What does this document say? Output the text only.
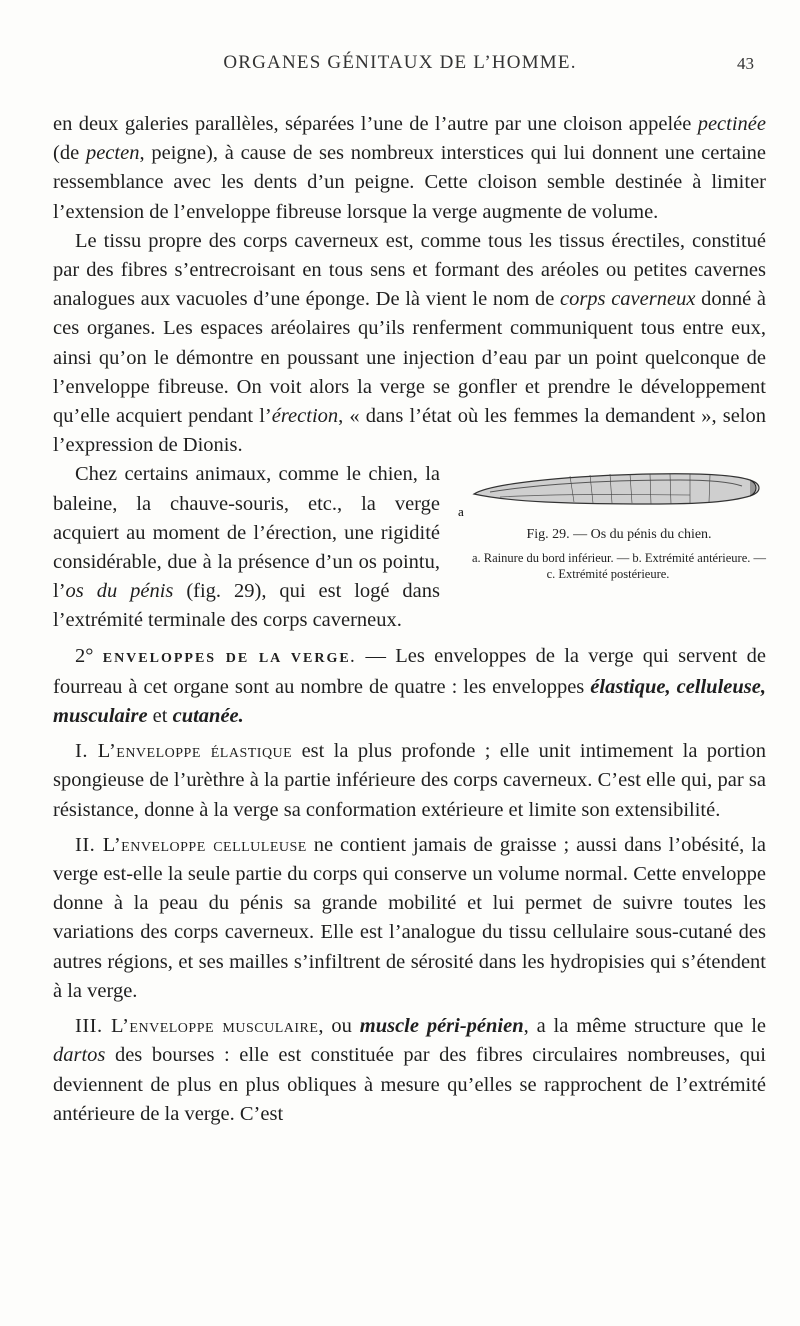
ORGANES GÉNITAUX DE L’HOMME.	43

en deux galeries parallèles, séparées l’une de l’autre par une cloison appelée pectinée (de pecten, peigne), à cause de ses nombreux interstices qui lui donnent une certaine ressemblance avec les dents d’un peigne. Cette cloison semble destinée à limiter l’extension de l’enveloppe fibreuse lorsque la verge augmente de volume.

Le tissu propre des corps caverneux est, comme tous les tissus érectiles, constitué par des fibres s’entrecroisant en tous sens et formant des aréoles ou petites cavernes analogues aux vacuoles d’une éponge. De là vient le nom de corps caverneux donné à ces organes. Les espaces aréolaires qu’ils renferment communiquent tous entre eux, ainsi qu’on le démontre en poussant une injection d’eau par un point quelconque de l’enveloppe fibreuse. On voit alors la verge se gonfler et prendre le développement qu’elle acquiert pendant l’érection, « dans l’état où les femmes la demandent », selon l’expression de Dionis.

a
Fig. 29. — Os du pénis du chien.
a. Rainure du bord inférieur. — b. Extrémité antérieure. — c. Extrémité postérieure.
Chez certains animaux, comme le chien, la baleine, la chauve-souris, etc., la verge acquiert au moment de l’érection, une rigidité considérable, due à la présence d’un os pointu, l’os du pénis (fig. 29), qui est logé dans l’extrémité terminale des corps caverneux.

2° ENVELOPPES DE LA VERGE. — Les enveloppes de la verge qui servent de fourreau à cet organe sont au nombre de quatre : les enveloppes élastique, celluleuse, musculaire et cutanée.

I. L’enveloppe élastique est la plus profonde ; elle unit intimement la portion spongieuse de l’urèthre à la partie inférieure des corps caverneux. C’est elle qui, par sa résistance, donne à la verge sa conformation extérieure et limite son extensibilité.

II. L’enveloppe celluleuse ne contient jamais de graisse ; aussi dans l’obésité, la verge est-elle la seule partie du corps qui conserve un volume normal. Cette enveloppe donne à la peau du pénis sa grande mobilité et lui permet de suivre toutes les variations des corps caverneux. Elle est l’analogue du tissu cellulaire sous-cutané des autres régions, et ses mailles s’infiltrent de sérosité dans les hydropisies qui s’étendent à la verge.

III. L’enveloppe musculaire, ou muscle péri-pénien, a la même structure que le dartos des bourses : elle est constituée par des fibres circulaires nombreuses, qui deviennent de plus en plus obliques à mesure qu’elles se rapprochent de l’extrémité antérieure de la verge. C’est
